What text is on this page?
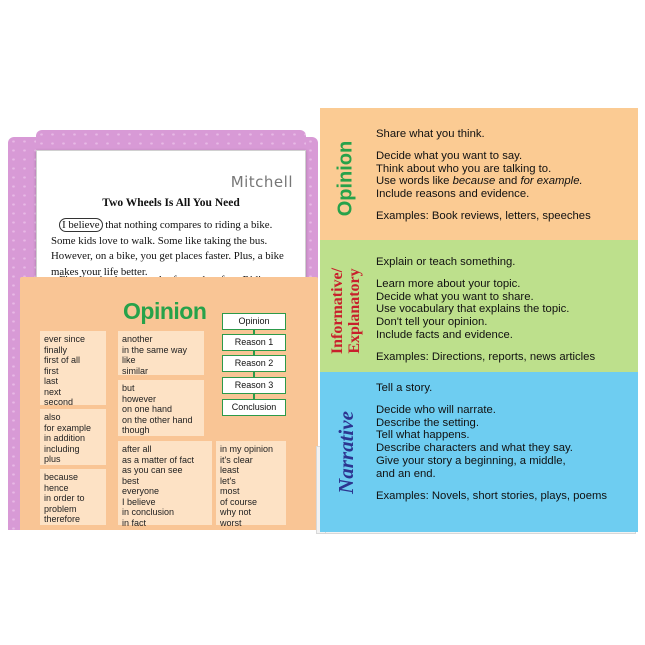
Mitchell
Two Wheels Is All You Need
I believe that nothing compares to riding a bike. Some kids love to walk. Some like taking the bus. However, on a bike, you get places faster. Plus, a bike makes your life better.

Opinion
ever since
finally
first of all
first
last
next
second
also
for example
in addition
including
plus
because
hence
in order to
problem
therefore
another
in the same way
like
similar
but
however
on one hand
on the other hand
though
after all
as a matter of fact
as you can see
best
everyone
I believe
in conclusion
in fact
in my opinion
it's clear
least
let's
most
of course
why not
worst
Opinion
Reason 1
Reason 2
Reason 3
Conclusion
Opinion

Share what you think.

Decide what you want to say.

Think about who you are talking to.

Use words like because and for example.

Include reasons and evidence.

Examples: Book reviews, letters, speeches

Informative/ Explanatory

Explain or teach something.

Learn more about your topic.

Decide what you want to share.

Use vocabulary that explains the topic.

Don't tell your opinion.

Include facts and evidence.

Examples: Directions, reports, news articles

Narrative

Tell a story.

Decide who will narrate.

Describe the setting.

Tell what happens.

Describe characters and what they say.

Give your story a beginning, a middle,

and an end.

Examples: Novels, short stories, plays, poems
